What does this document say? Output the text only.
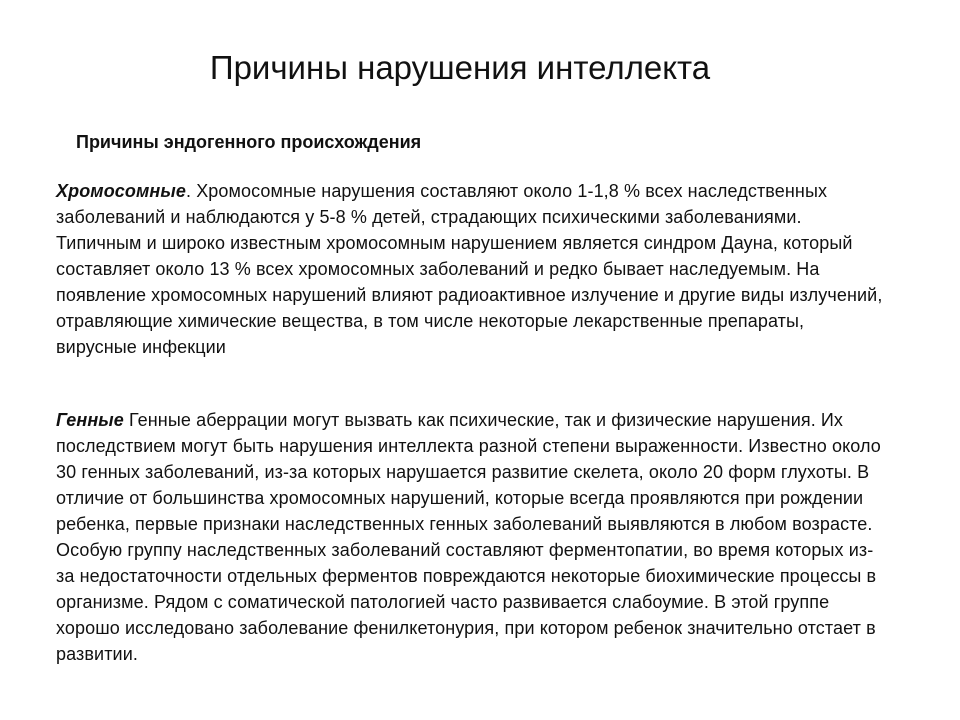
Причины нарушения интеллекта

Причины эндогенного происхождения

Хромосомные. Хромосомные нарушения составляют около 1-1,8 % всех наследственных заболеваний и наблюдаются у 5-8 % детей, страдающих психическими заболеваниями. Типичным и широко известным хромосомным нарушением является синдром Дауна, который составляет около 13 % всех хромосомных заболеваний и редко бывает наследуемым. На появление хромосомных нарушений влияют радиоактивное излучение и другие виды излучений, отравляющие химические вещества, в том числе некоторые лекарственные препараты, вирусные инфекции

Генные Генные аберрации могут вызвать как психические, так и физические нарушения. Их последствием могут быть нарушения интеллекта разной степени выраженности. Известно около 30 генных заболеваний, из-за которых нарушается развитие скелета, около 20 форм глухоты. В отличие от большинства хромосомных нарушений, которые всегда проявляются при рождении ребенка, первые признаки наследственных генных заболеваний выявляются в любом возрасте. Особую группу наследственных заболеваний составляют ферментопатии, во время которых из-за недостаточности отдельных ферментов повреждаются некоторые биохимические процессы в организме. Рядом с соматической патологией часто развивается слабоумие. В этой группе хорошо исследовано заболевание фенилкетонурия, при котором ребенок значительно отстает в развитии.
